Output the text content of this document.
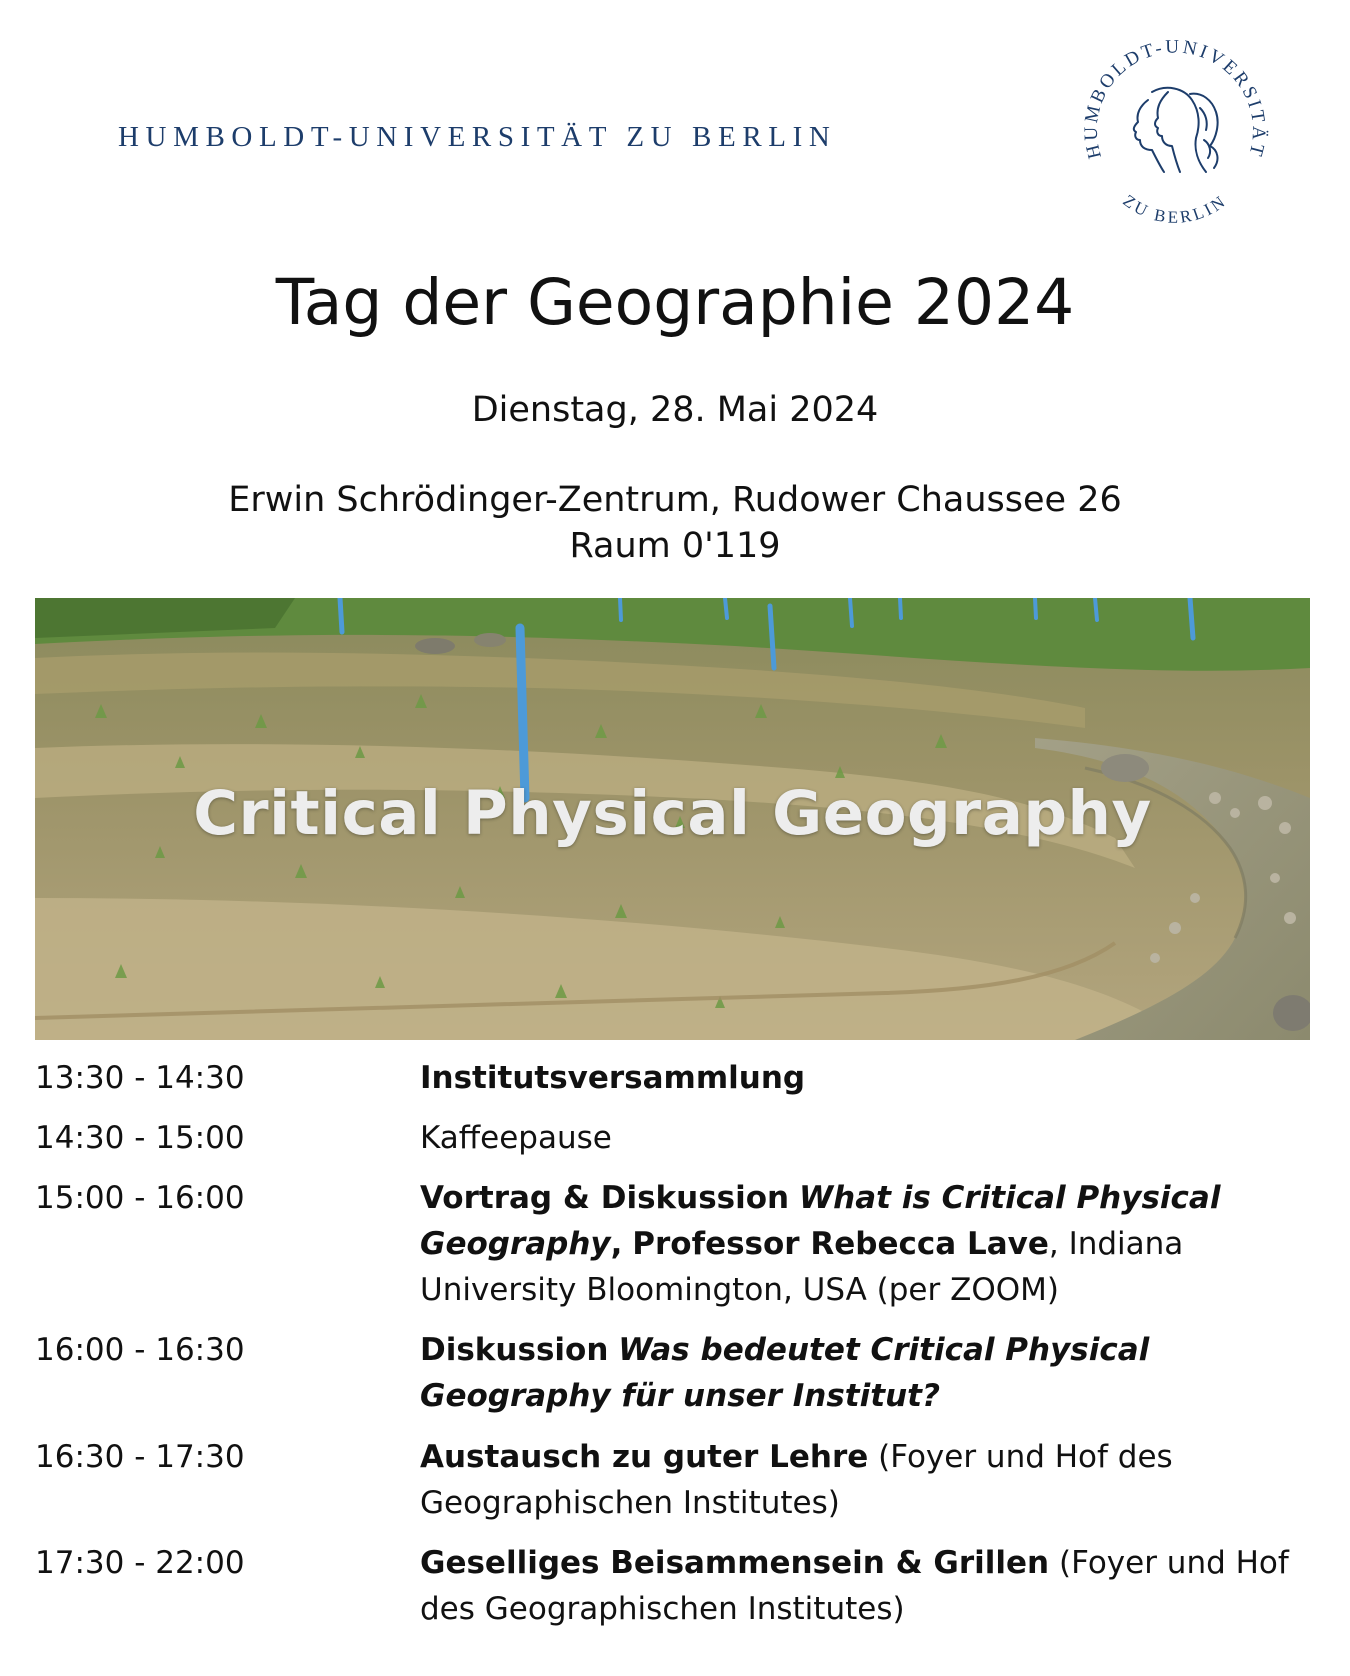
HUMBOLDT-UNIVERSITÄT ZU BERLIN	HUMBOLDT-UNIVERSITÄT
ZU BERLIN
Tag der Geographie 2024
Dienstag, 28. Mai 2024
Erwin Schrödinger-Zentrum, Rudower Chaussee 26
Raum 0'119
Critical Physical Geography
13:30 - 14:30	Institutsversammlung
14:30 - 15:00	Kaffeepause
15:00 - 16:00	Vortrag & Diskussion What is Critical Physical Geography, Professor Rebecca Lave, Indiana University Bloomington, USA (per ZOOM)
16:00 - 16:30	Diskussion Was bedeutet Critical Physical Geography für unser Institut?
16:30 - 17:30	Austausch zu guter Lehre (Foyer und Hof des Geographischen Institutes)
17:30 - 22:00	Geselliges Beisammensein & Grillen (Foyer und Hof des Geographischen Institutes)
